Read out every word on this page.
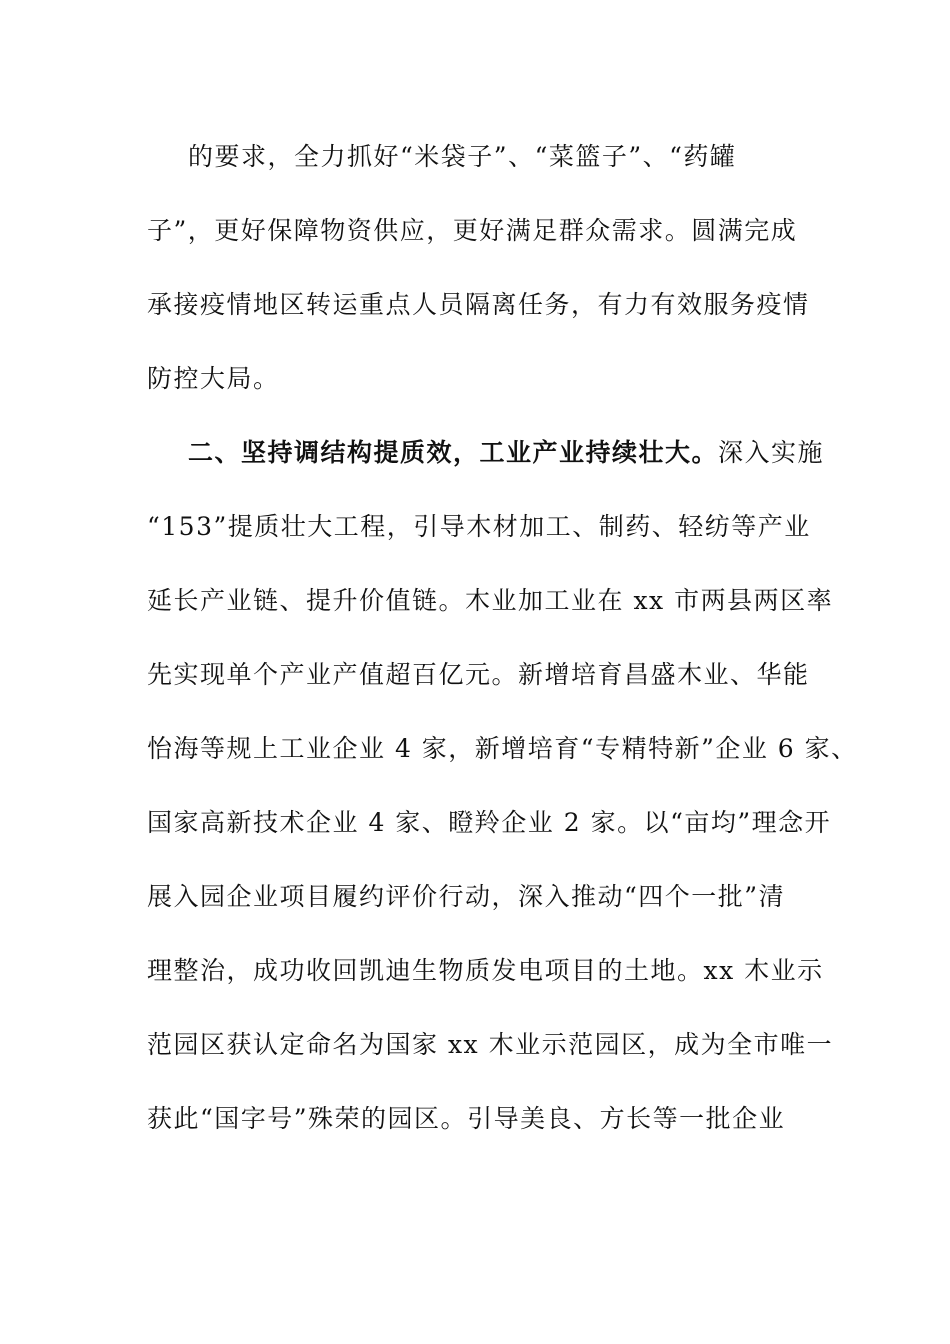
的要求，全力抓好“米袋子”、“菜篮子”、“药罐
子”，更好保障物资供应，更好满足群众需求。圆满完成
承接疫情地区转运重点人员隔离任务，有力有效服务疫情
防控大局。
二、坚持调结构提质效，工业产业持续壮大。深入实施
“153”提质壮大工程，引导木材加工、制药、轻纺等产业
延长产业链、提升价值链。木业加工业在 xx 市两县两区率
先实现单个产业产值超百亿元。新增培育昌盛木业、华能
怡海等规上工业企业 4 家，新增培育“专精特新”企业 6 家、
国家高新技术企业 4 家、瞪羚企业 2 家。以“亩均”理念开
展入园企业项目履约评价行动，深入推动“四个一批”清
理整治，成功收回凯迪生物质发电项目的土地。xx 木业示
范园区获认定命名为国家 xx 木业示范园区，成为全市唯一
获此“国字号”殊荣的园区。引导美良、方长等一批企业
